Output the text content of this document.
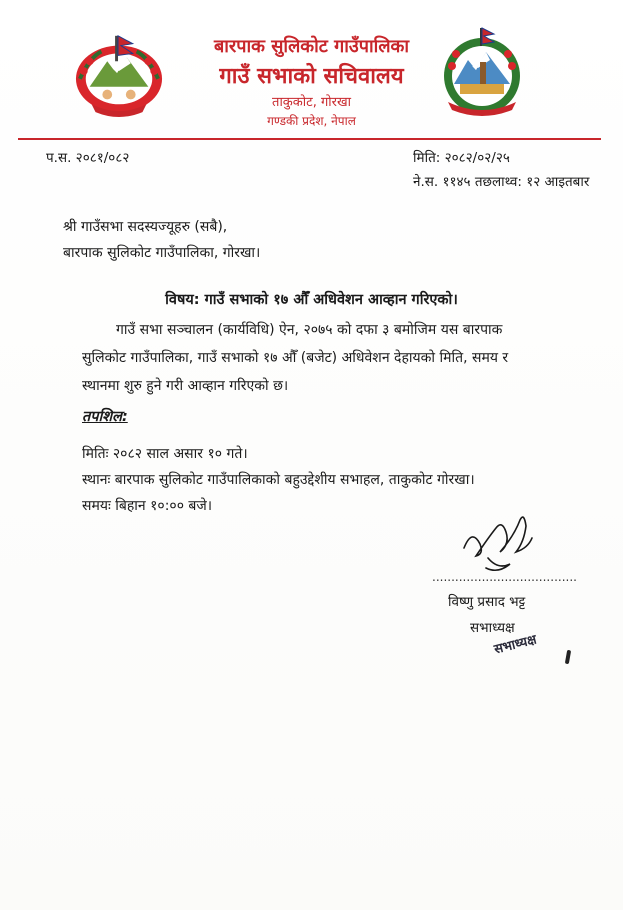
बारपाक सुलिकोट गाउँपालिका
गाउँ सभाको सचिवालय
ताकुकोट, गोरखा
गण्डकी प्रदेश, नेपाल
प.स. २०८१/०८२	मिति: २०८२/०२/२५
ने.स. ११४५ तछलाथ्व: १२ आइतबार
श्री गाउँसभा सदस्यज्यूहरु (सबै),
बारपाक सुलिकोट गाउँपालिका, गोरखा।
विषय: गाउँ सभाको १७ औँ अधिवेशन आव्हान गरिएको।
गाउँ सभा सञ्चालन (कार्यविधि) ऐन, २०७५ को दफा ३ बमोजिम यस बारपाक
सुलिकोट गाउँपालिका, गाउँ सभाको १७ औँ (बजेट) अधिवेशन देहायको मिति, समय र
स्थानमा शुरु हुने गरी आव्हान गरिएको छ।
तपशिल:
मितिः २०८२ साल असार १० गते।
स्थानः बारपाक सुलिकोट गाउँपालिकाको बहुउद्देशीय सभाहल, ताकुकोट गोरखा।
समयः बिहान १०:०० बजे।
......................................
विष्णु प्रसाद भट्ट
सभाध्यक्ष
सभाध्यक्ष
